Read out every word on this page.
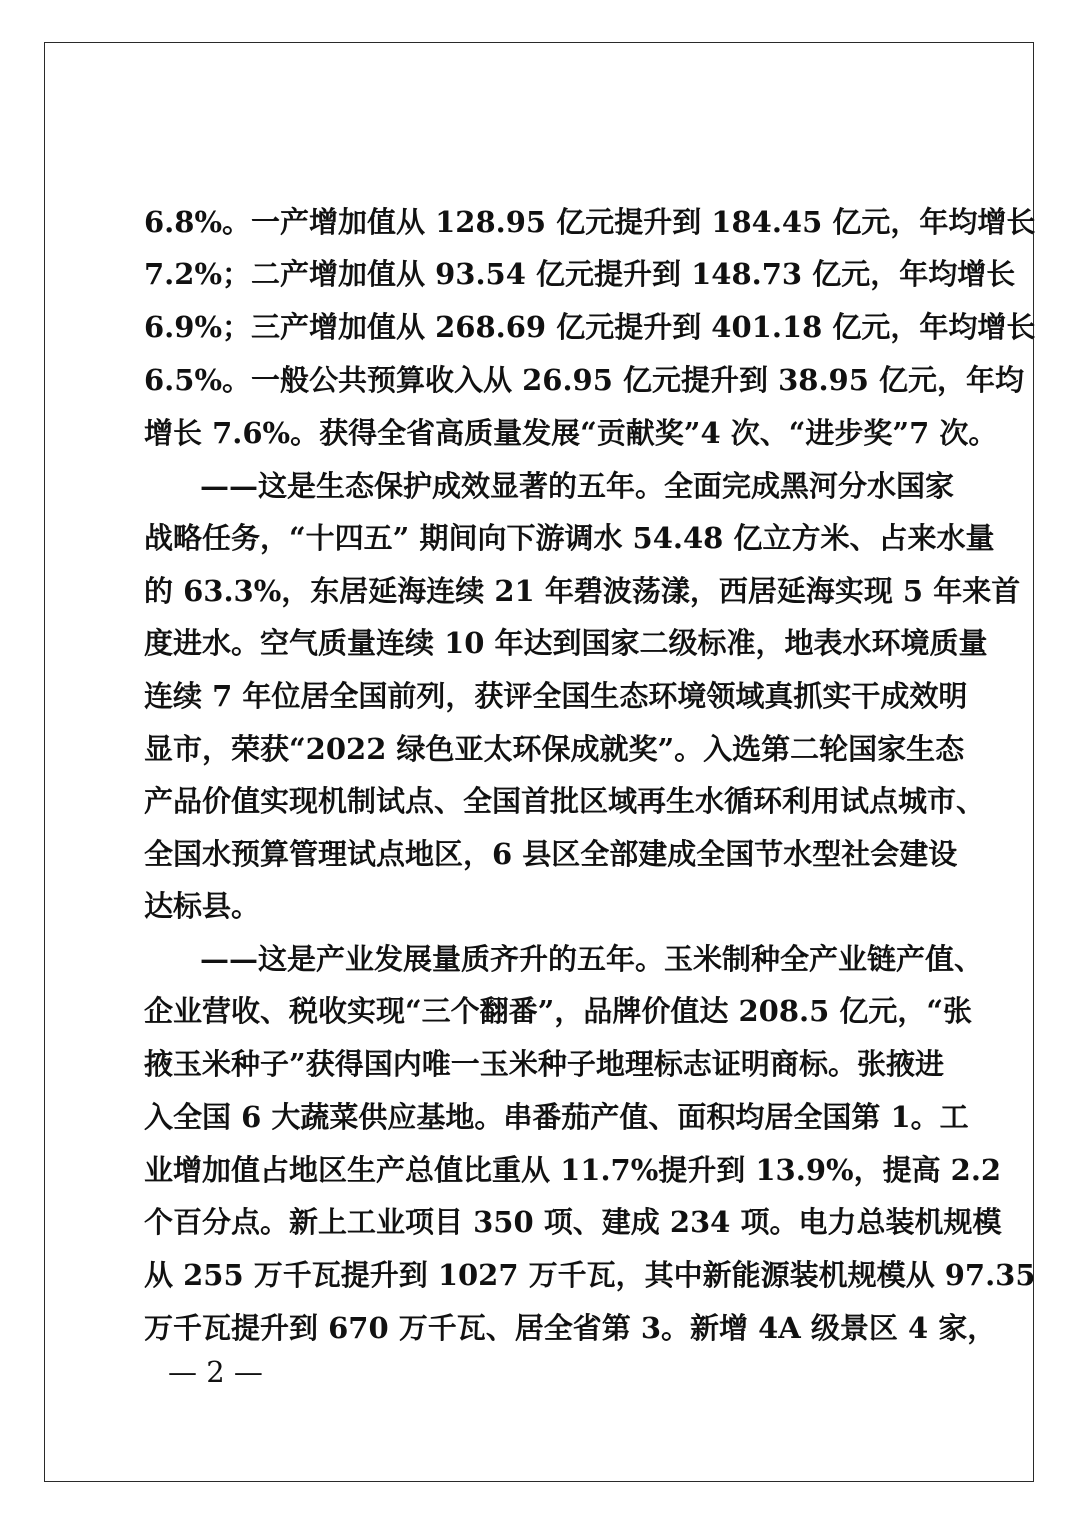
6.8%。一产增加值从 128.95 亿元提升到 184.45 亿元，年均增长
7.2%；二产增加值从 93.54 亿元提升到 148.73 亿元，年均增长
6.9%；三产增加值从 268.69 亿元提升到 401.18 亿元，年均增长
6.5%。一般公共预算收入从 26.95 亿元提升到 38.95 亿元，年均
增长 7.6%。获得全省高质量发展“贡献奖”4 次、“进步奖”7 次。
——这是生态保护成效显著的五年。全面完成黑河分水国家
战略任务，“十四五” 期间向下游调水 54.48 亿立方米、占来水量
的 63.3%，东居延海连续 21 年碧波荡漾，西居延海实现 5 年来首
度进水。空气质量连续 10 年达到国家二级标准，地表水环境质量
连续 7 年位居全国前列，获评全国生态环境领域真抓实干成效明
显市，荣获“2022 绿色亚太环保成就奖”。入选第二轮国家生态
产品价值实现机制试点、全国首批区域再生水循环利用试点城市、
全国水预算管理试点地区，6 县区全部建成全国节水型社会建设
达标县。
——这是产业发展量质齐升的五年。玉米制种全产业链产值、
企业营收、税收实现“三个翻番”，品牌价值达 208.5 亿元，“张
掖玉米种子”获得国内唯一玉米种子地理标志证明商标。张掖进
入全国 6 大蔬菜供应基地。串番茄产值、面积均居全国第 1。工
业增加值占地区生产总值比重从 11.7%提升到 13.9%，提高 2.2
个百分点。新上工业项目 350 项、建成 234 项。电力总装机规模
从 255 万千瓦提升到 1027 万千瓦，其中新能源装机规模从 97.35
万千瓦提升到 670 万千瓦、居全省第 3。新增 4A 级景区 4 家，
— 2 —
